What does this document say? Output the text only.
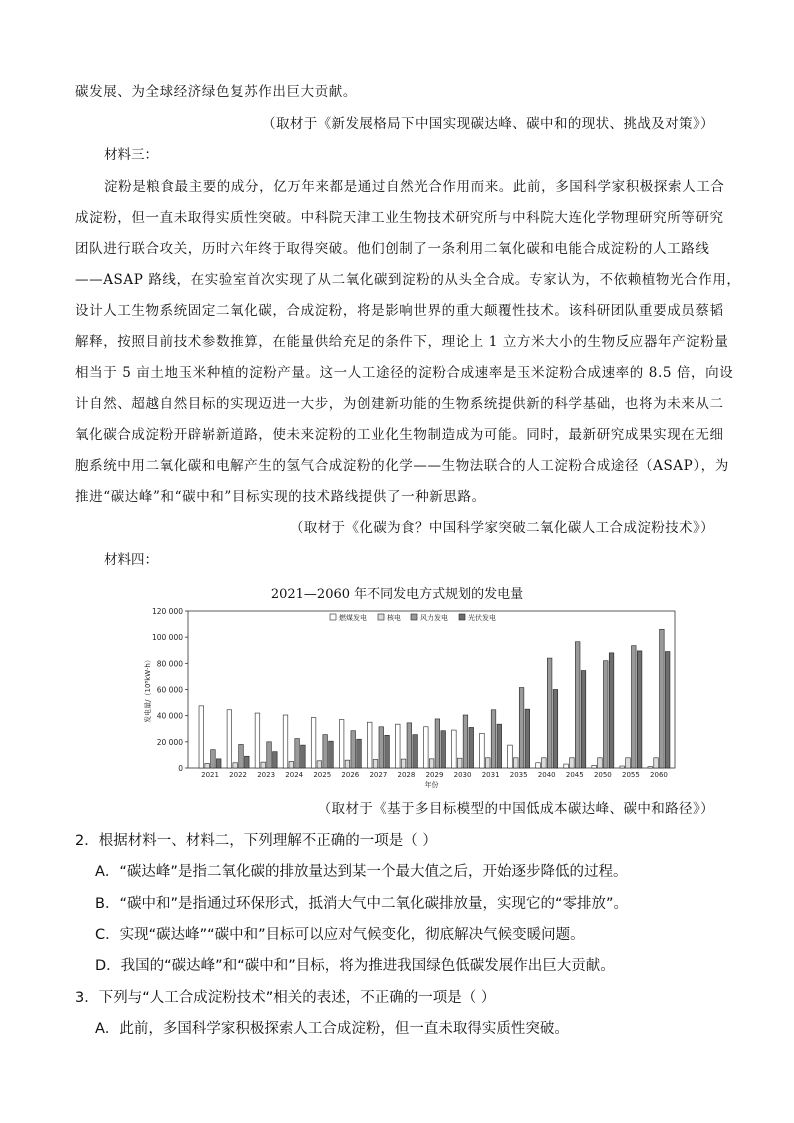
碳发展、为全球经济绿色复苏作出巨大贡献。
（取材于《新发展格局下中国实现碳达峰、碳中和的现状、挑战及对策》）
材料三：
淀粉是粮食最主要的成分，亿万年来都是通过自然光合作用而来。此前，多国科学家积极探索人工合
成淀粉，但一直未取得实质性突破。中科院天津工业生物技术研究所与中科院大连化学物理研究所等研究
团队进行联合攻关，历时六年终于取得突破。他们创制了一条利用二氧化碳和电能合成淀粉的人工路线
——ASAP 路线，在实验室首次实现了从二氧化碳到淀粉的从头全合成。专家认为，不依赖植物光合作用，
设计人工生物系统固定二氧化碳，合成淀粉，将是影响世界的重大颠覆性技术。该科研团队重要成员蔡韬
解释，按照目前技术参数推算，在能量供给充足的条件下，理论上 1 立方米大小的生物反应器年产淀粉量
相当于 5 亩土地玉米种植的淀粉产量。这一人工途径的淀粉合成速率是玉米淀粉合成速率的 8.5 倍，向设
计自然、超越自然目标的实现迈进一大步，为创建新功能的生物系统提供新的科学基础，也将为未来从二
氧化碳合成淀粉开辟崭新道路，使未来淀粉的工业化生物制造成为可能。同时，最新研究成果实现在无细
胞系统中用二氧化碳和电解产生的氢气合成淀粉的化学——生物法联合的人工淀粉合成途径（ASAP），为
推进“碳达峰”和“碳中和”目标实现的技术路线提供了一种新思路。
（取材于《化碳为食？中国科学家突破二氧化碳人工合成淀粉技术》）
材料四：
2021—2060 年不同发电方式规划的发电量
0
20 000
40 000
60 000
80 000
100 000
120 000
发电量/（10⁸kW·h）
2021 2022 2023 2024 2025 2026 2027 2028 2029 2030 2031 2035 2040 2045 2050 2055 2060
年份
燃煤发电	核电	风力发电	光伏发电
（取材于《基于多目标模型的中国低成本碳达峰、碳中和路径》）
2．根据材料一、材料二，下列理解不正确的一项是（ ）
A．“碳达峰”是指二氧化碳的排放量达到某一个最大值之后，开始逐步降低的过程。
B．“碳中和”是指通过环保形式，抵消大气中二氧化碳排放量，实现它的“零排放”。
C．实现“碳达峰”“碳中和”目标可以应对气候变化，彻底解决气候变暖问题。
D．我国的“碳达峰”和“碳中和”目标，将为推进我国绿色低碳发展作出巨大贡献。
3．下列与“人工合成淀粉技术”相关的表述，不正确的一项是（ ）
A．此前，多国科学家积极探索人工合成淀粉，但一直未取得实质性突破。
